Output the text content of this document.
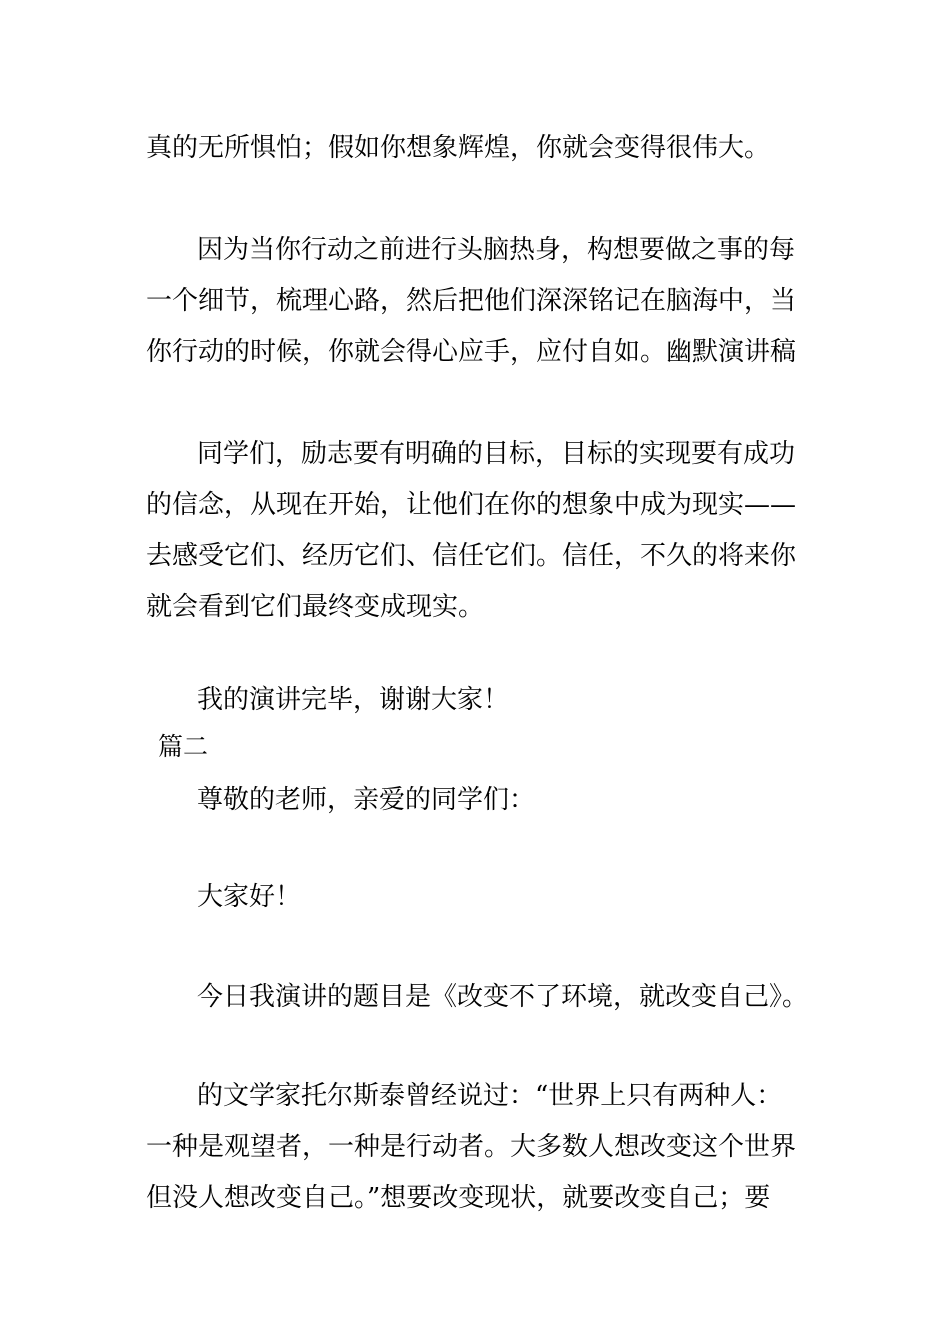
真的无所惧怕；假如你想象辉煌，你就会变得很伟大。

因为当你行动之前进行头脑热身，构想要做之事的每

一个细节，梳理心路，然后把他们深深铭记在脑海中，当

你行动的时候，你就会得心应手，应付自如。幽默演讲稿

同学们，励志要有明确的目标，目标的实现要有成功

的信念，从现在开始，让他们在你的想象中成为现实——

去感受它们、经历它们、信任它们。信任，不久的将来你

就会看到它们最终变成现实。

我的演讲完毕，谢谢大家！

篇二

尊敬的老师，亲爱的同学们：

大家好！

今日我演讲的题目是《改变不了环境，就改变自己》。

的文学家托尔斯泰曾经说过：“世界上只有两种人：

一种是观望者，一种是行动者。大多数人想改变这个世界

但没人想改变自己。”想要改变现状，就要改变自己；要
